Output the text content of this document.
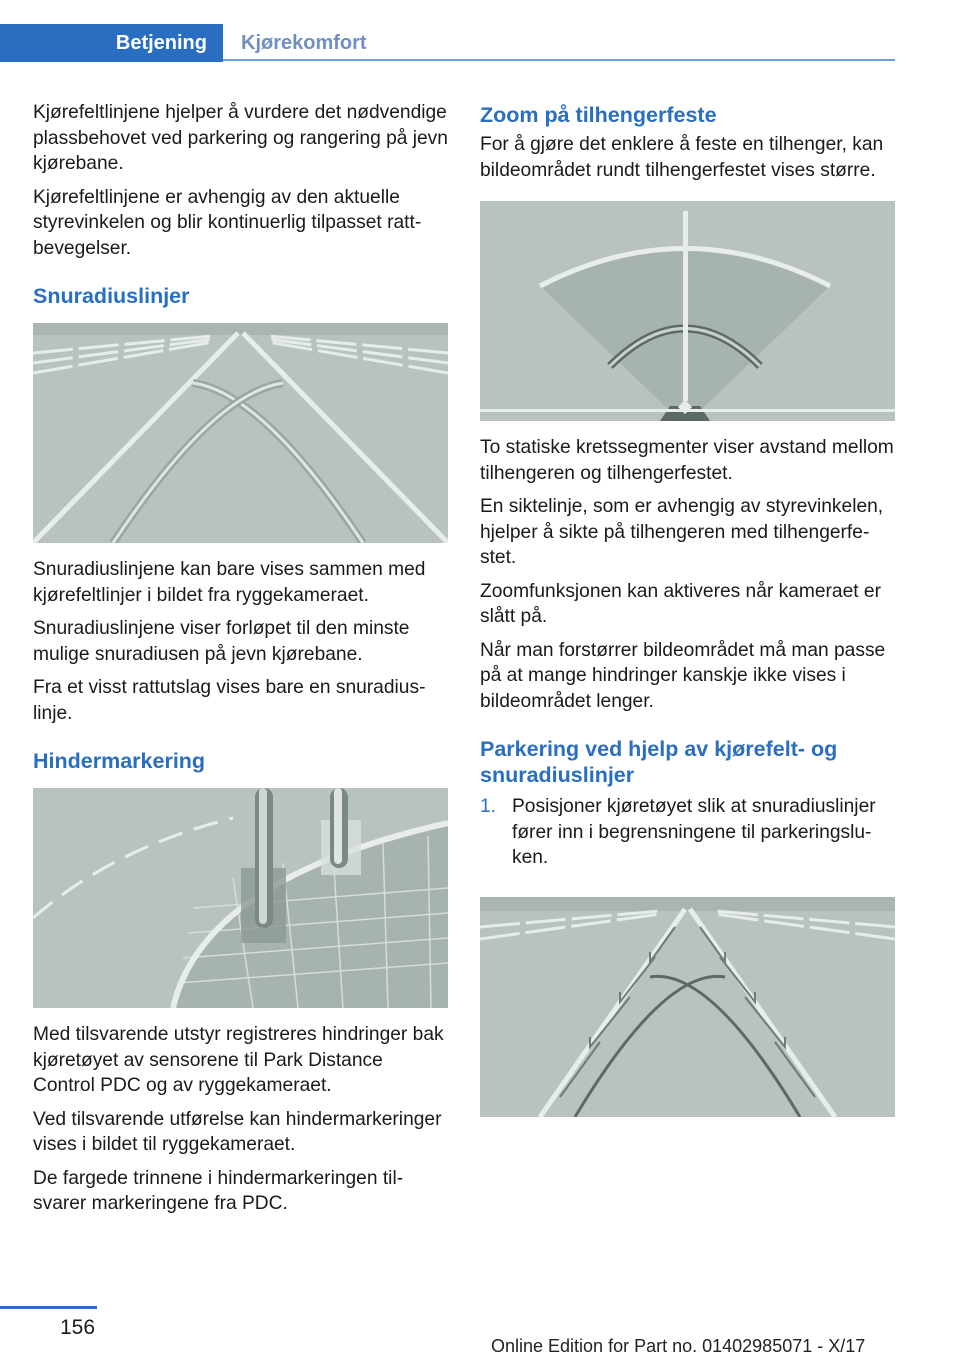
Betjening	Kjørekomfort

Kjørefeltlinjene hjelper å vurdere det nødvendige plassbehovet ved parkering og rangering på jevn kjørebane.

Kjørefeltlinjene er avhengig av den aktuelle styrevinkelen og blir kontinuerlig tilpasset rattbevegelser.

Snuradiuslinjer

Snuradiuslinjene kan bare vises sammen med kjørefeltlinjer i bildet fra ryggekameraet.

Snuradiuslinjene viser forløpet til den minste mulige snuradiusen på jevn kjørebane.

Fra et visst rattutslag vises bare en snuradiuslinje.

Hindermarkering

Med tilsvarende utstyr registreres hindringer bak kjøretøyet av sensorene til Park Distance Control PDC og av ryggekameraet.

Ved tilsvarende utførelse kan hindermarkeringer vises i bildet til ryggekameraet.

De fargede trinnene i hindermarkeringen tilsvarer markeringene fra PDC.

Zoom på tilhengerfeste

For å gjøre det enklere å feste en tilhenger, kan bildeområdet rundt tilhengerfestet vises større.

To statiske kretssegmenter viser avstand mellom tilhengeren og tilhengerfestet.

En siktelinje, som er avhengig av styrevinkelen, hjelper å sikte på tilhengeren med tilhengerfestet.

Zoomfunksjonen kan aktiveres når kameraet er slått på.

Når man forstørrer bildeområdet må man passe på at mange hindringer kanskje ikke vises i bildeområdet lenger.

Parkering ved hjelp av kjørefelt- og snuradiuslinjer
1. Posisjoner kjøretøyet slik at snuradiuslinjer fører inn i begrensningene til parkeringsluken.
156
Online Edition for Part no. 01402985071 - X/17
